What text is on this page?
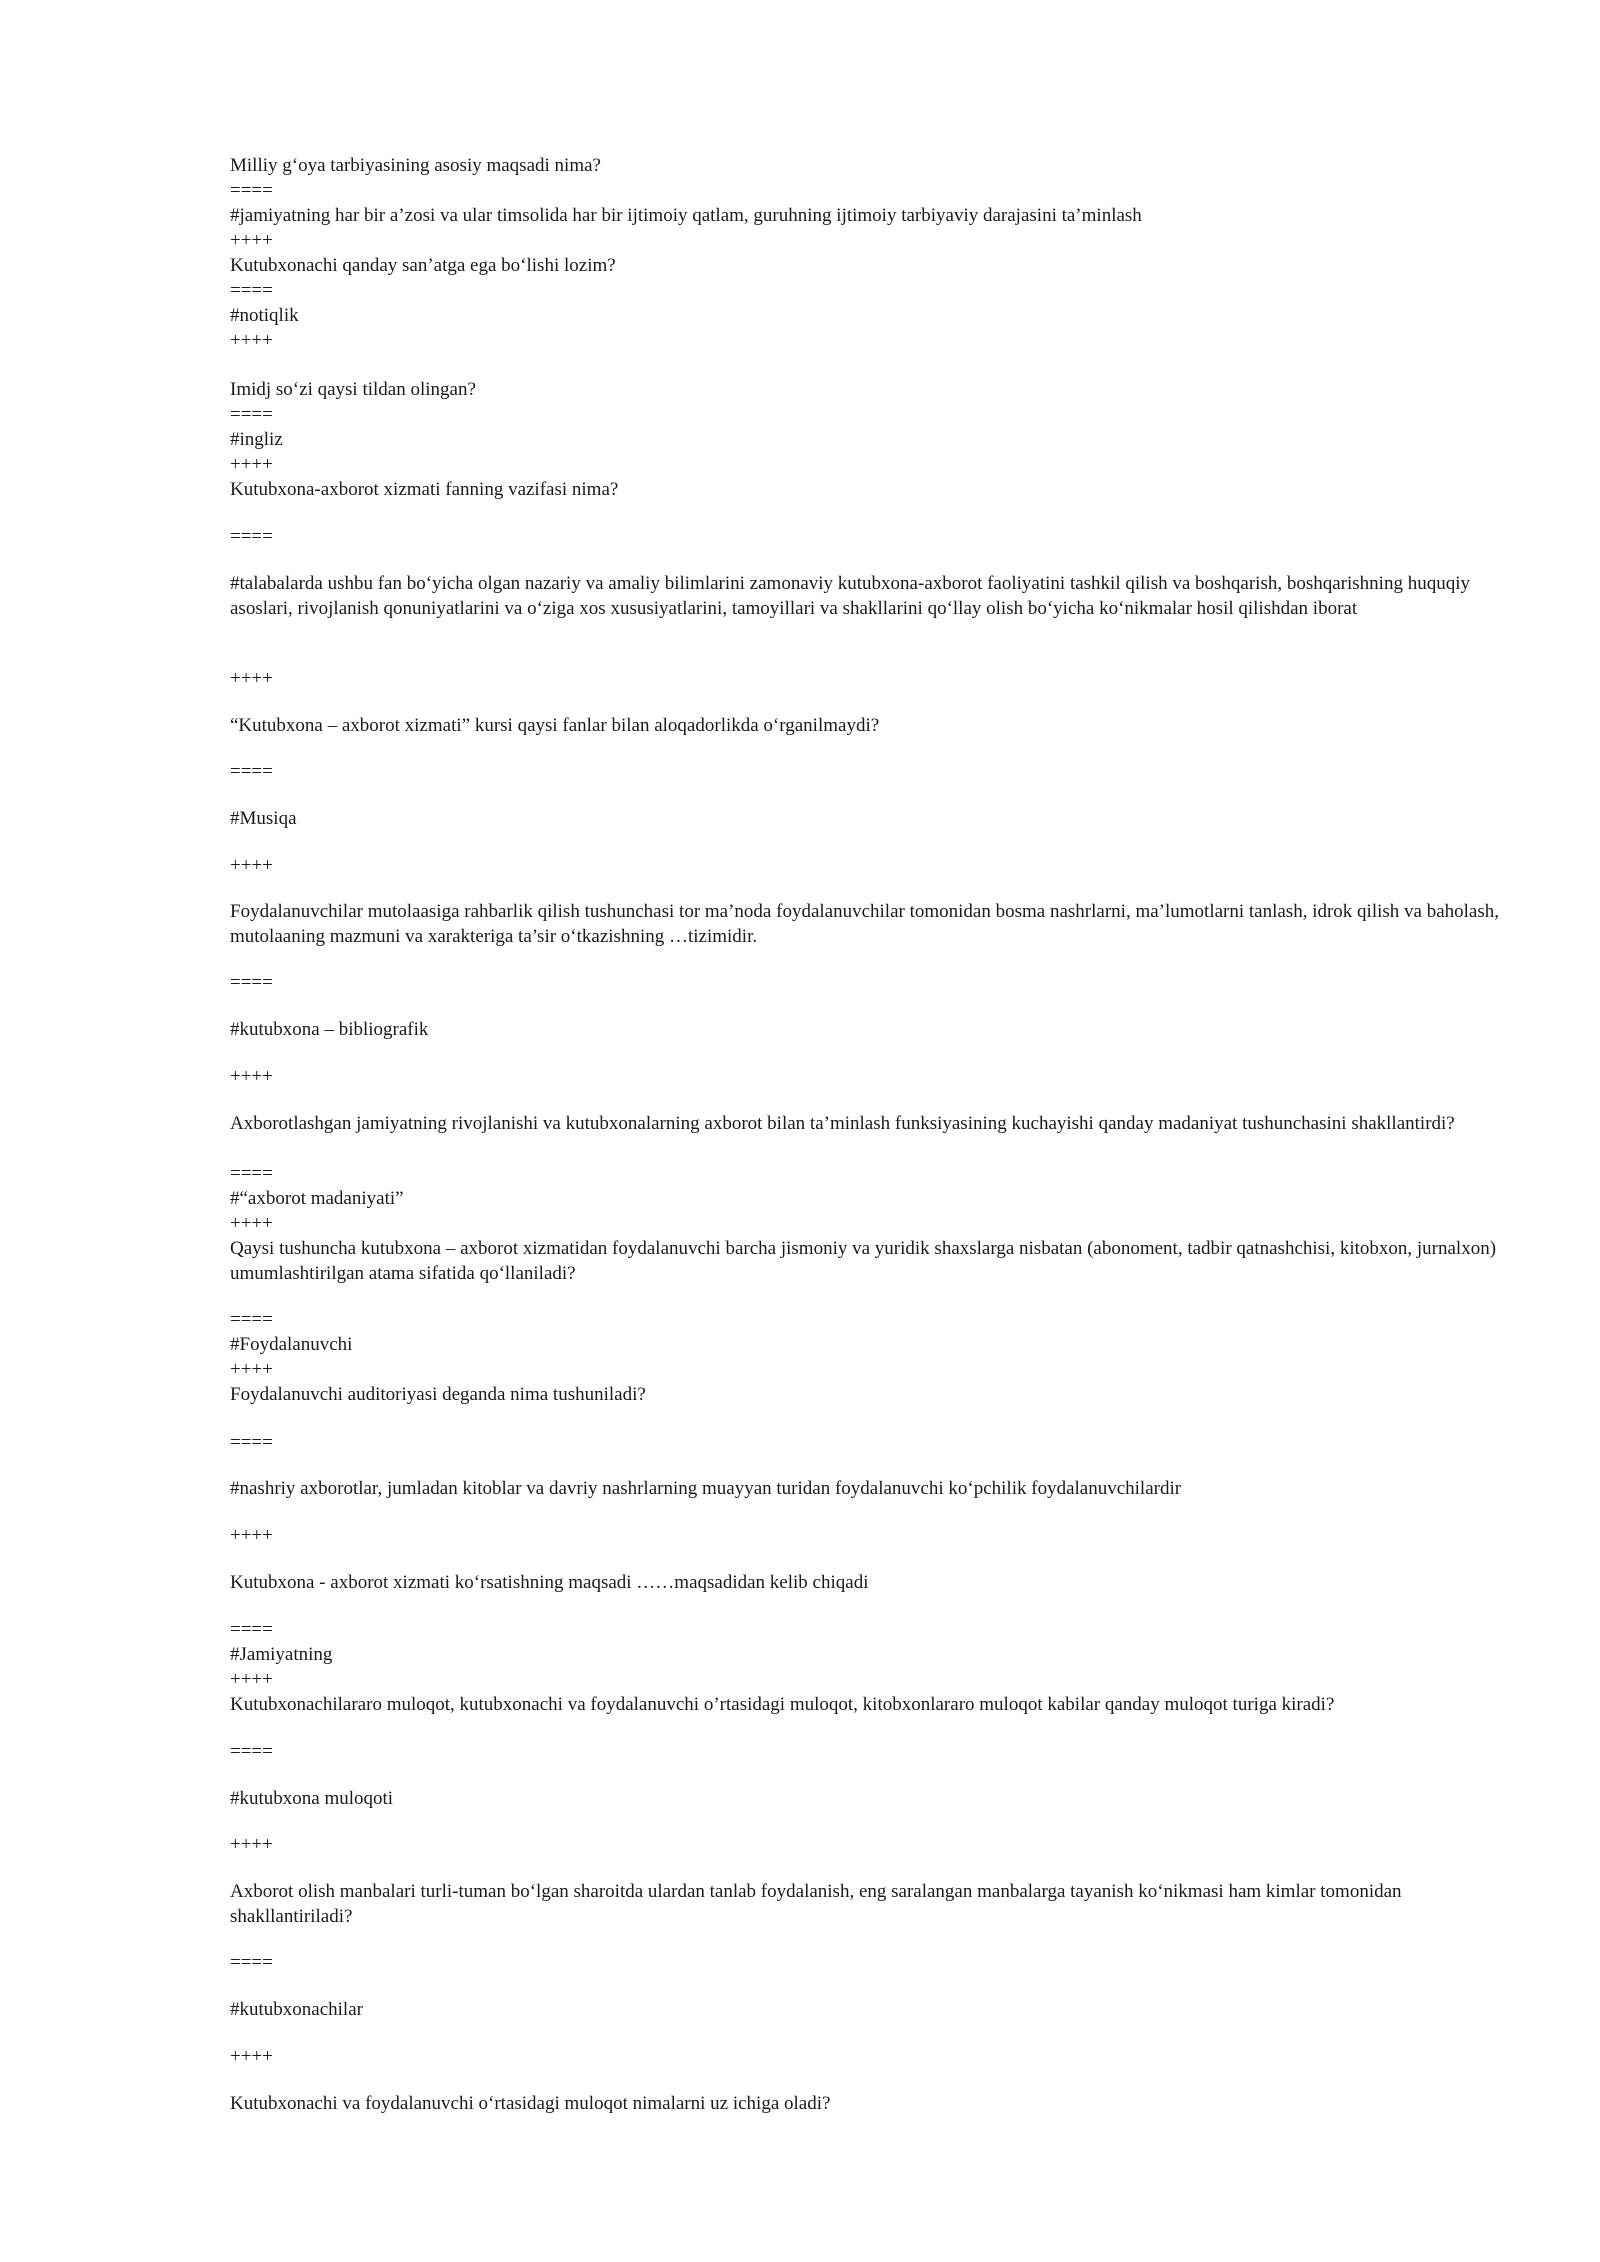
Milliy g‘oya tarbiyasining asosiy maqsadi nima?

====

#jamiyatning har bir a’zosi va ular timsolida har bir ijtimoiy qatlam, guruhning ijtimoiy tarbiyaviy darajasini ta’minlash

++++

Kutubxonachi qanday san’atga ega bo‘lishi lozim?

====

#notiqlik

++++

Imidj so‘zi qaysi tildan olingan?

====

#ingliz

++++

Kutubxona-axborot xizmati fanning vazifasi nima?

====

#talabalarda ushbu fan bo‘yicha olgan nazariy va amaliy bilimlarini zamonaviy kutubxona-axborot faoliyatini tashkil qilish va boshqarish, boshqarishning huquqiy asoslari, rivojlanish qonuniyatlarini va o‘ziga xos xususiyatlarini, tamoyillari va shakllarini qo‘llay olish bo‘yicha ko‘nikmalar hosil qilishdan iborat

++++

“Kutubxona – axborot xizmati” kursi qaysi fanlar bilan aloqadorlikda o‘rganilmaydi?

====

#Musiqa

++++

Foydalanuvchilar mutolaasiga rahbarlik qilish tushunchasi tor ma’noda foydalanuvchilar tomonidan bosma nashrlarni, ma’lumotlarni tanlash, idrok qilish va baholash, mutolaaning mazmuni va xarakteriga ta’sir o‘tkazishning …tizimidir.

====

#kutubxona – bibliografik

++++

Axborotlashgan jamiyatning rivojlanishi va kutubxonalarning axborot bilan ta’minlash funksiyasining kuchayishi qanday madaniyat tushunchasini shakllantirdi?

====

#“axborot madaniyati”

++++

Qaysi tushuncha kutubxona – axborot xizmatidan foydalanuvchi barcha jismoniy va yuridik shaxslarga nisbatan (abonoment, tadbir qatnashchisi, kitobxon, jurnalxon) umumlashtirilgan atama sifatida qo‘llaniladi?

====

#Foydalanuvchi

++++

Foydalanuvchi auditoriyasi deganda nima tushuniladi?

====

#nashriy axborotlar, jumladan kitoblar va davriy nashrlarning muayyan turidan foydalanuvchi ko‘pchilik foydalanuvchilardir

++++

Kutubxona - axborot xizmati ko‘rsatishning maqsadi ……maqsadidan kelib chiqadi

====

#Jamiyatning

++++

Kutubxonachilararo muloqot, kutubxonachi va foydalanuvchi o’rtasidagi muloqot, kitobxonlararo muloqot kabilar qanday muloqot turiga kiradi?

====

#kutubxona muloqoti

++++

Axborot olish manbalari turli-tuman bo‘lgan sharoitda ulardan tanlab foydalanish, eng saralangan manbalarga tayanish ko‘nikmasi ham kimlar tomonidan shakllantiriladi?

====

#kutubxonachilar

++++

Kutubxonachi va foydalanuvchi o‘rtasidagi muloqot nimalarni uz ichiga oladi?
